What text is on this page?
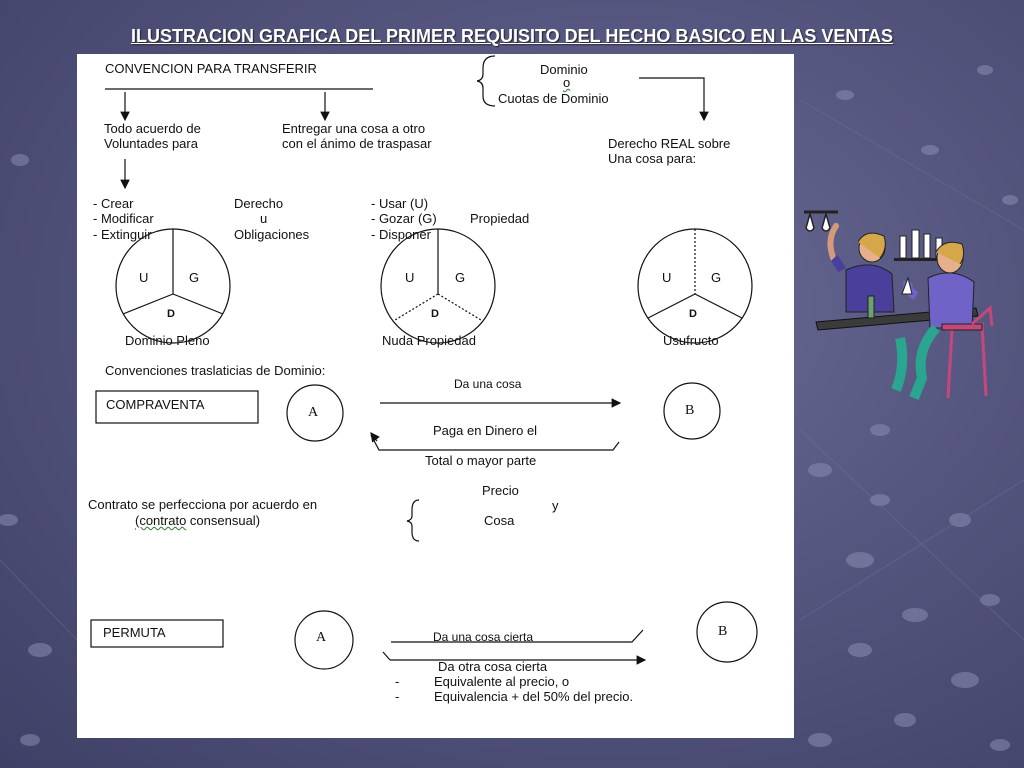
ILUSTRACION GRAFICA DEL PRIMER REQUISITO DEL HECHO BASICO EN LAS VENTAS
CONVENCION PARA TRANSFERIR	Dominio
o
Cuotas de Dominio
Todo acuerdo de
Voluntades para
Entregar una cosa a otro
con el ánimo de traspasar	Derecho REAL sobre
Una cosa para:
- Crear
- Modificar
- Extinguir
Derecho
u
Obligaciones
- Usar (U)
- Gozar (G)
- Disponer
Propiedad
U	G
D
Dominio Pleno
U	G
D
Nuda Propiedad
U	G
D
Usufructo
Convenciones traslaticias de Dominio:
COMPRAVENTA
A	B
Da una cosa
Paga en Dinero el
Total o mayor parte
Contrato se perfecciona por acuerdo en
(contrato consensual)
Precio
y
Cosa
PERMUTA	A	B
Da una cosa cierta
Da otra cosa cierta
-	Equivalente al precio, o
-	Equivalencia + del 50% del precio.
